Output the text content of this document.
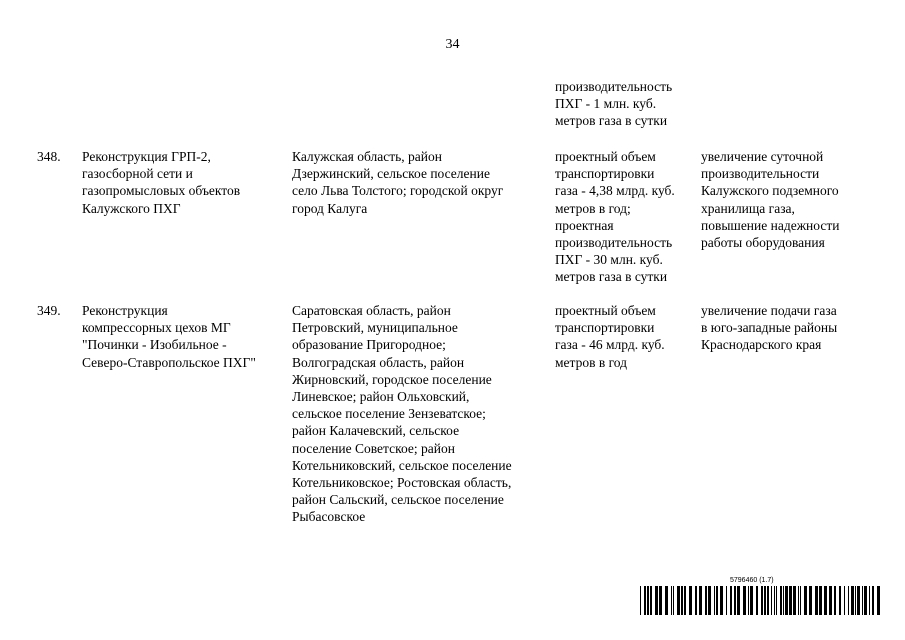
34
производительность
ПХГ - 1 млн. куб.
метров газа в сутки
348. Реконструкция ГРП-2,
газосборной сети и
газопромысловых объектов
Калужского ПХГ
Калужская область, район
Дзержинский, сельское поселение
село Льва Толстого; городской округ
город Калуга
проектный объем
транспортировки
газа - 4,38 млрд. куб.
метров в год;
проектная
производительность
ПХГ - 30 млн. куб.
метров газа в сутки
увеличение суточной
производительности
Калужского подземного
хранилища газа,
повышение надежности
работы оборудования
349. Реконструкция
компрессорных цехов МГ
"Починки - Изобильное -
Северо-Ставропольское ПХГ"
Саратовская область, район
Петровский, муниципальное
образование Пригородное;
Волгоградская область, район
Жирновский, городское поселение
Линевское; район Ольховский,
сельское поселение Зензеватское;
район Калачевский, сельское
поселение Советское; район
Котельниковский, сельское поселение
Котельниковское; Ростовская область,
район Сальский, сельское поселение
Рыбасовское
проектный объем
транспортировки
газа - 46 млрд. куб.
метров в год
увеличение подачи газа
в юго-западные районы
Краснодарского края
5796460 (1.7)
